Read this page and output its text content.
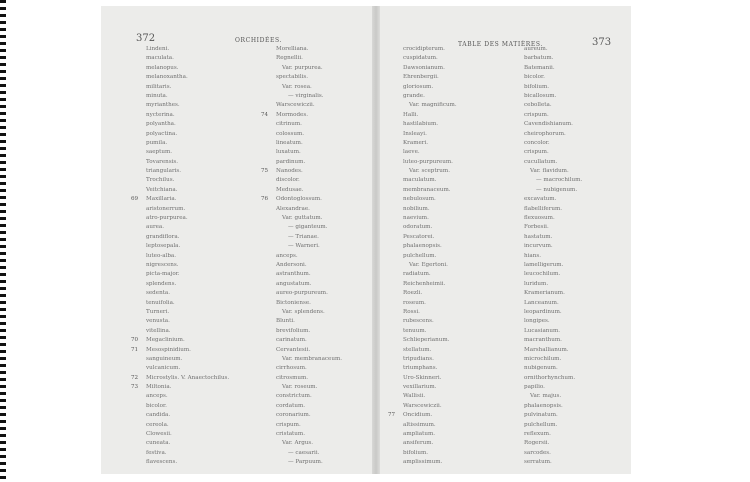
372	ORCHIDÉES.
TABLE DES MATIÈRES.	373
Lindeni.
maculata.
melanopus.
melanoxantha.
militaris.
minuta.
myrianthes.
nycterina.
polyantha.
polyactina.
pumila.
saeptum.
Tovarensis.
triangularis.
Trochilus.
Veitchiana.
69 Maxillaria.
aristonerrum.
atro-purpurea.
aurea.
grandiflora.
leptosepala.
luteo-alba.
nigrescens.
picta-major.
splendens.
sedenta.
tenuifolia.
Turneri.
venusta.
vitellina.
70 Megaclinium.
71 Mesospinidium.
sanguineum.
vulcanicum.
72 Microstylis. V. Anaectochilus.
73 Miltonia.
anceps.
bicolor.
candida.
cereola.
Clowesii.
cuneata.
festiva.
flavescens.
Morelliana.
Regnellii.
Var. purpurea.
spectabilis.
Var. rosea.
— virginalis.
Warscewiczii.
74 Mormodes.
citrinum.
colossum.
lineatum.
luxatum.
pardinum.
75 Nanodes.
discolor.
Medusae.
76 Odontoglossum.
Alexandrae.
Var. guttatum.
— giganteum.
— Trianae.
— Warneri.
anceps.
Andersoni.
astranthum.
angustatum.
aureo-purpureum.
Bictoniense.
Var. splendens.
Blunti.
brevifolium.
carinatum.
Cervantesii.
Var. membranaceum.
cirrhosum.
citrosmum.
Var. roseum.
constrictum.
cordatum.
coronarium.
crispum.
cristatum.
Var. Argus.
— caesarii.
— Parpuum.
crocidipterum.
cuspidatum.
Dawsonianum.
Ehrenbergii.
gloriosum.
grande.
Var. magnificum.
Halli.
hastilabium.
Insleayi.
Krameri.
laeve.
luteo-purpureum.
Var. sceptrum.
maculatum.
membranaceum.
nebulosum.
nobilium.
naevium.
odoratum.
Pescatorei.
phalaenopsis.
pulchellum.
Var. Egertoni.
radiatum.
Reichenheimii.
Roezli.
roseum.
Rossi.
rubescens.
tenuum.
Schlieperianum.
stellatum.
tripudians.
triumphans.
Uro-Skinneri.
vexillarium.
Wallisii.
Warscewiczii.
77 Oncidium.
altissimum.
ampliatum.
ansiferum.
bifolium.
amplissimum.
aureum.
barbatum.
Batemanii.
bicolor.
bifolium.
bicallosum.
cebolleta.
crispum.
Cavendishianum.
cheirophorum.
concolor.
crispum.
cucullatum.
Var. flavidum.
— macrochilum.
— nubigenum.
excavatum.
flabelliferum.
flexuosum.
Forbesii.
hastatum.
incurvum.
hians.
lamelligerum.
leucochilum.
luridum.
Kramerianum.
Lanceanum.
leopardinum.
longipes.
Lucasianum.
macranthum.
Marshallianum.
microchilum.
nubigenum.
ornithorhynchum.
papilio.
Var. majus.
phalaenopsis.
pulvinatum.
pulchellum.
reflexum.
Rogersii.
sarcodes.
serratum.
